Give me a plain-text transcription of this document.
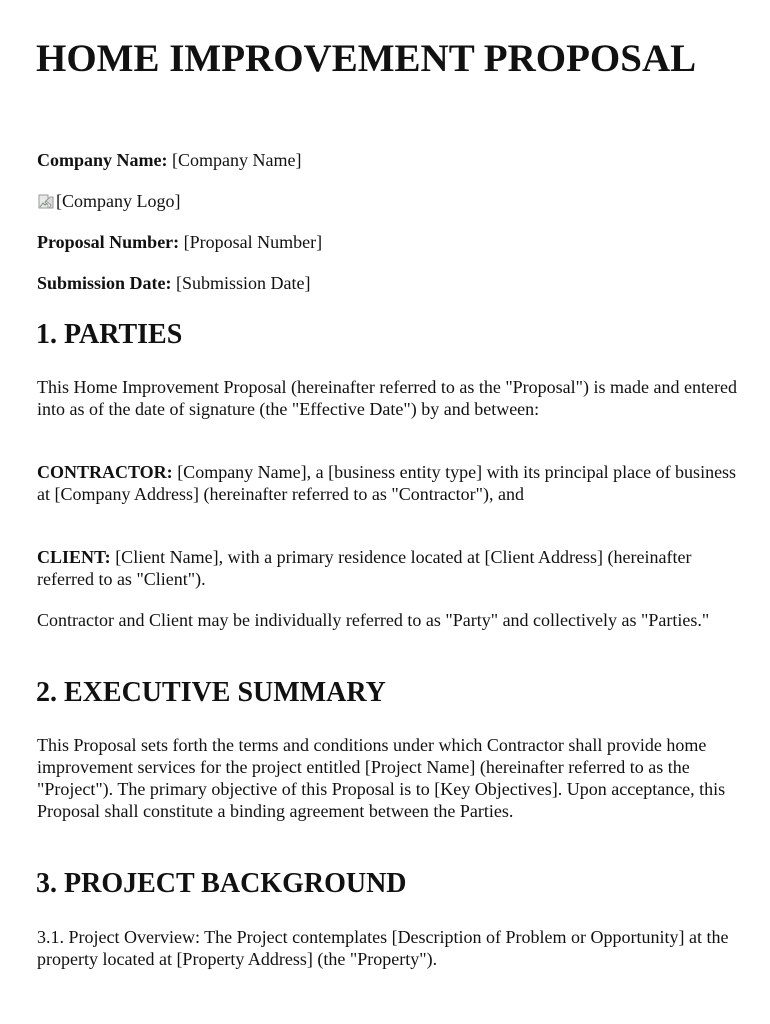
HOME IMPROVEMENT PROPOSAL

Company Name: [Company Name]

[Company Logo]

Proposal Number: [Proposal Number]

Submission Date: [Submission Date]

1. PARTIES

This Home Improvement Proposal (hereinafter referred to as the "Proposal") is made and entered into as of the date of signature (the "Effective Date") by and between:

CONTRACTOR: [Company Name], a [business entity type] with its principal place of business at [Company Address] (hereinafter referred to as "Contractor"), and

CLIENT: [Client Name], with a primary residence located at [Client Address] (hereinafter referred to as "Client").

Contractor and Client may be individually referred to as "Party" and collectively as "Parties."

2. EXECUTIVE SUMMARY

This Proposal sets forth the terms and conditions under which Contractor shall provide home improvement services for the project entitled [Project Name] (hereinafter referred to as the "Project"). The primary objective of this Proposal is to [Key Objectives]. Upon acceptance, this Proposal shall constitute a binding agreement between the Parties.

3. PROJECT BACKGROUND

3.1. Project Overview: The Project contemplates [Description of Problem or Opportunity] at the property located at [Property Address] (the "Property").
